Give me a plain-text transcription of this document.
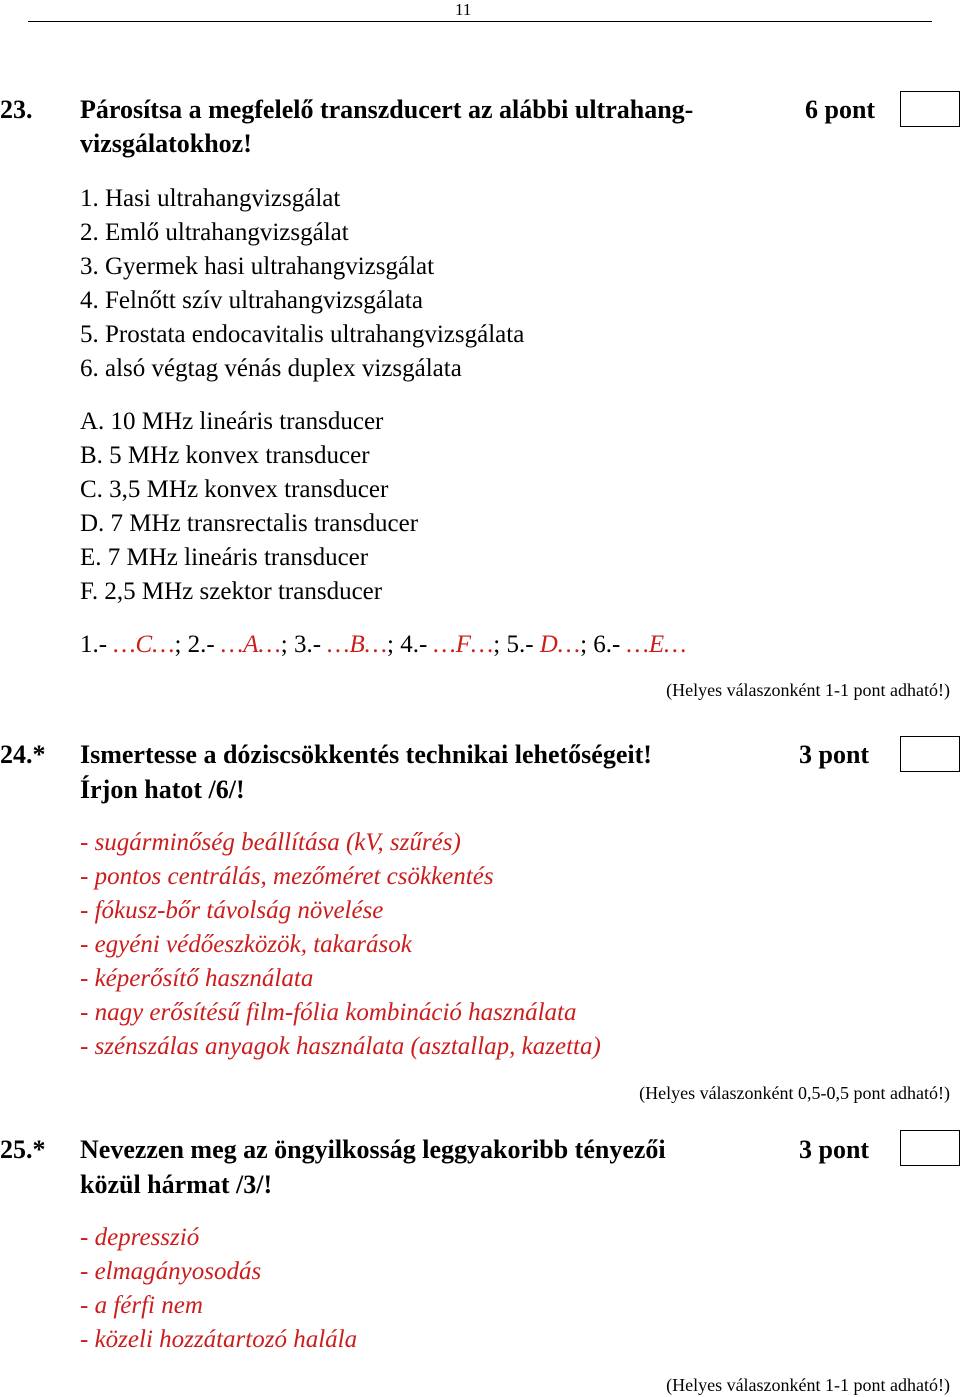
11
23. Párosítsa a megfelelő transzducert az alábbi ultrahang-
vizsgálatokhoz!
6 pont
1. Hasi ultrahangvizsgálat
2. Emlő ultrahangvizsgálat
3. Gyermek hasi ultrahangvizsgálat
4. Felnőtt szív ultrahangvizsgálata
5. Prostata endocavitalis ultrahangvizsgálata
6. alsó végtag vénás duplex vizsgálata
A. 10 MHz lineáris transducer
B. 5 MHz konvex transducer
C. 3,5 MHz konvex transducer
D. 7 MHz transrectalis transducer
E. 7 MHz lineáris transducer
F. 2,5 MHz szektor transducer
1.- …C…; 2.- …A…; 3.- …B…; 4.- …F…; 5.- D…; 6.- …E…
(Helyes válaszonként 1-1 pont adható!)
24.* Ismertesse a dóziscsökkentés technikai lehetőségeit!
Írjon hatot /6/!
3 pont
- sugárminőség beállítása (kV, szűrés)
- pontos centrálás, mezőméret csökkentés
- fókusz-bőr távolság növelése
- egyéni védőeszközök, takarások
- képerősítő használata
- nagy erősítésű film-fólia kombináció használata
- szénszálas anyagok használata (asztallap, kazetta)
(Helyes válaszonként 0,5-0,5 pont adható!)
25.* Nevezzen meg az öngyilkosság leggyakoribb tényezői
közül hármat /3/!
3 pont
- depresszió
- elmagányosodás
- a férfi nem
- közeli hozzátartozó halála
(Helyes válaszonként 1-1 pont adható!)
